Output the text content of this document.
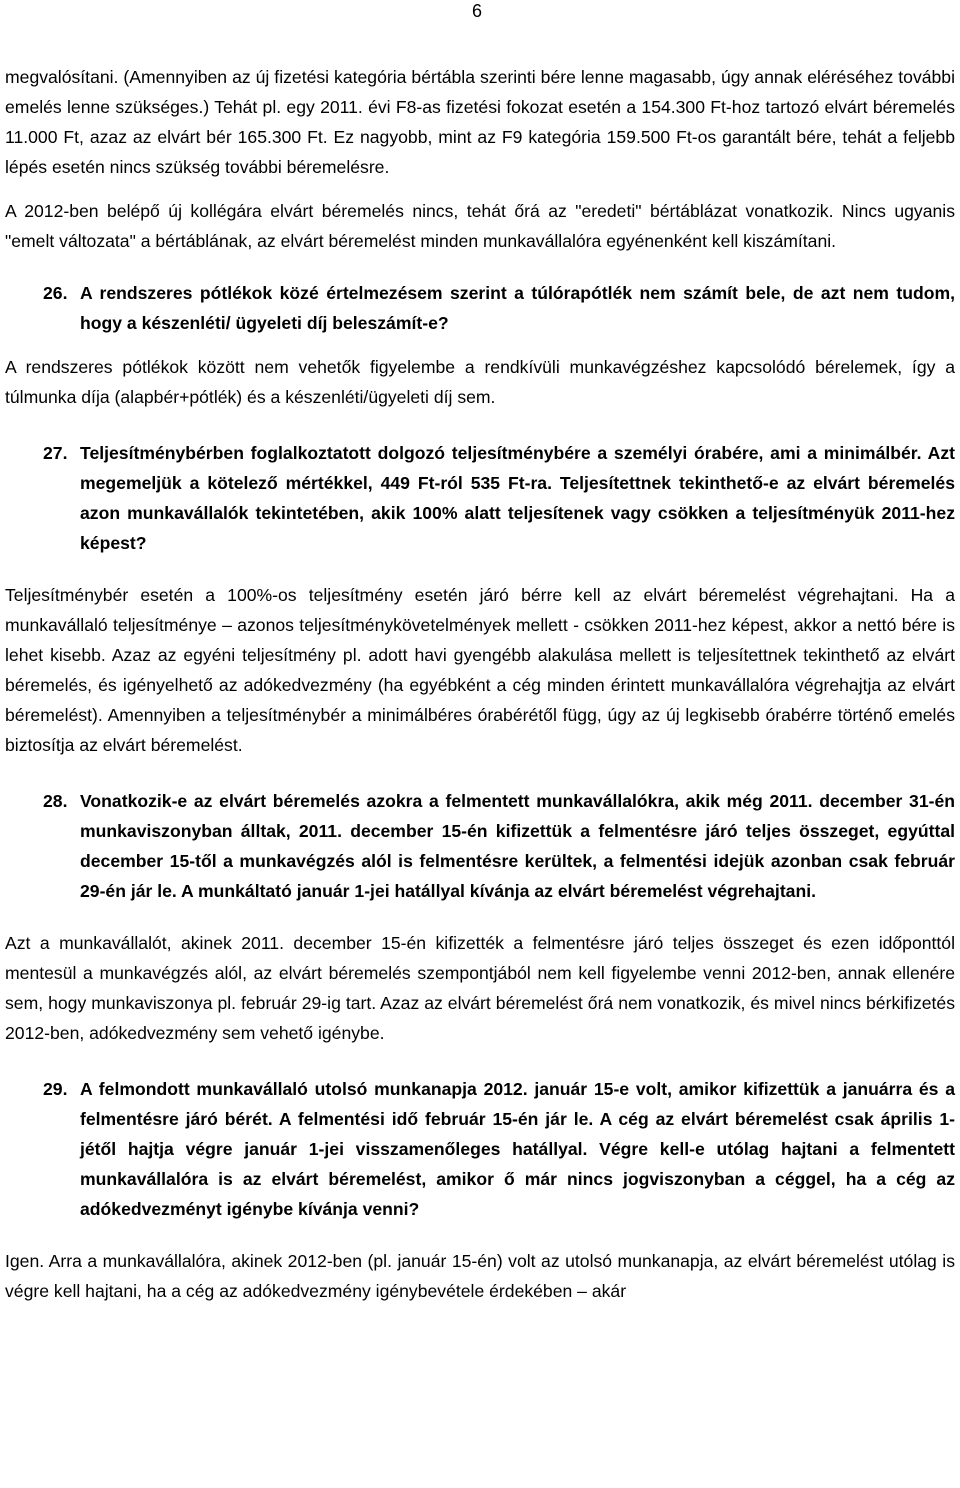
6

megvalósítani. (Amennyiben az új fizetési kategória bértábla szerinti bére lenne magasabb, úgy annak eléréséhez további emelés lenne szükséges.) Tehát pl. egy 2011. évi F8-as fizetési fokozat esetén a 154.300 Ft-hoz tartozó elvárt béremelés 11.000 Ft, azaz az elvárt bér 165.300 Ft. Ez nagyobb, mint az F9 kategória 159.500 Ft-os garantált bére, tehát a feljebb lépés esetén nincs szükség további béremelésre.

A 2012-ben belépő új kollégára elvárt béremelés nincs, tehát őrá az "eredeti" bértáblázat vonatkozik. Nincs ugyanis "emelt változata" a bértáblának, az elvárt béremelést minden munkavállalóra egyénenként kell kiszámítani.

26. A rendszeres pótlékok közé értelmezésem szerint a túlórapótlék nem számít bele, de azt nem tudom, hogy a készenléti/ ügyeleti díj beleszámít-e?

A rendszeres pótlékok között nem vehetők figyelembe a rendkívüli munkavégzéshez kapcsolódó bérelemek, így a túlmunka díja (alapbér+pótlék) és a készenléti/ügyeleti díj sem.

27. Teljesítménybérben foglalkoztatott dolgozó teljesítménybére a személyi órabére, ami a minimálbér. Azt megemeljük a kötelező mértékkel, 449 Ft-ról 535 Ft-ra. Teljesítettnek tekinthető-e az elvárt béremelés azon munkavállalók tekintetében, akik 100% alatt teljesítenek vagy csökken a teljesítményük 2011-hez képest?

Teljesítménybér esetén a 100%-os teljesítmény esetén járó bérre kell az elvárt béremelést végrehajtani. Ha a munkavállaló teljesítménye – azonos teljesítménykövetelmények mellett - csökken 2011-hez képest, akkor a nettó bére is lehet kisebb. Azaz az egyéni teljesítmény pl. adott havi gyengébb alakulása mellett is teljesítettnek tekinthető az elvárt béremelés, és igényelhető az adókedvezmény (ha egyébként a cég minden érintett munkavállalóra végrehajtja az elvárt béremelést). Amennyiben a teljesítménybér a minimálbéres órabérétől függ, úgy az új legkisebb órabérre történő emelés biztosítja az elvárt béremelést.

28. Vonatkozik-e az elvárt béremelés azokra a felmentett munkavállalókra, akik még 2011. december 31-én munkaviszonyban álltak, 2011. december 15-én kifizettük a felmentésre járó teljes összeget, egyúttal december 15-től a munkavégzés alól is felmentésre kerültek, a felmentési idejük azonban csak február 29-én jár le. A munkáltató január 1-jei hatállyal kívánja az elvárt béremelést végrehajtani.

Azt a munkavállalót, akinek 2011. december 15-én kifizették a felmentésre járó teljes összeget és ezen időponttól mentesül a munkavégzés alól, az elvárt béremelés szempontjából nem kell figyelembe venni 2012-ben, annak ellenére sem, hogy munkaviszonya pl. február 29-ig tart. Azaz az elvárt béremelést őrá nem vonatkozik, és mivel nincs bérkifizetés 2012-ben, adókedvezmény sem vehető igénybe.

29. A felmondott munkavállaló utolsó munkanapja 2012. január 15-e volt, amikor kifizettük a januárra és a felmentésre járó bérét. A felmentési idő február 15-én jár le. A cég az elvárt béremelést csak április 1-jétől hajtja végre január 1-jei visszamenőleges hatállyal. Végre kell-e utólag hajtani a felmentett munkavállalóra is az elvárt béremelést, amikor ő már nincs jogviszonyban a céggel, ha a cég az adókedvezményt igénybe kívánja venni?

Igen. Arra a munkavállalóra, akinek 2012-ben (pl. január 15-én) volt az utolsó munkanapja, az elvárt béremelést utólag is végre kell hajtani, ha a cég az adókedvezmény igénybevétele érdekében – akár
